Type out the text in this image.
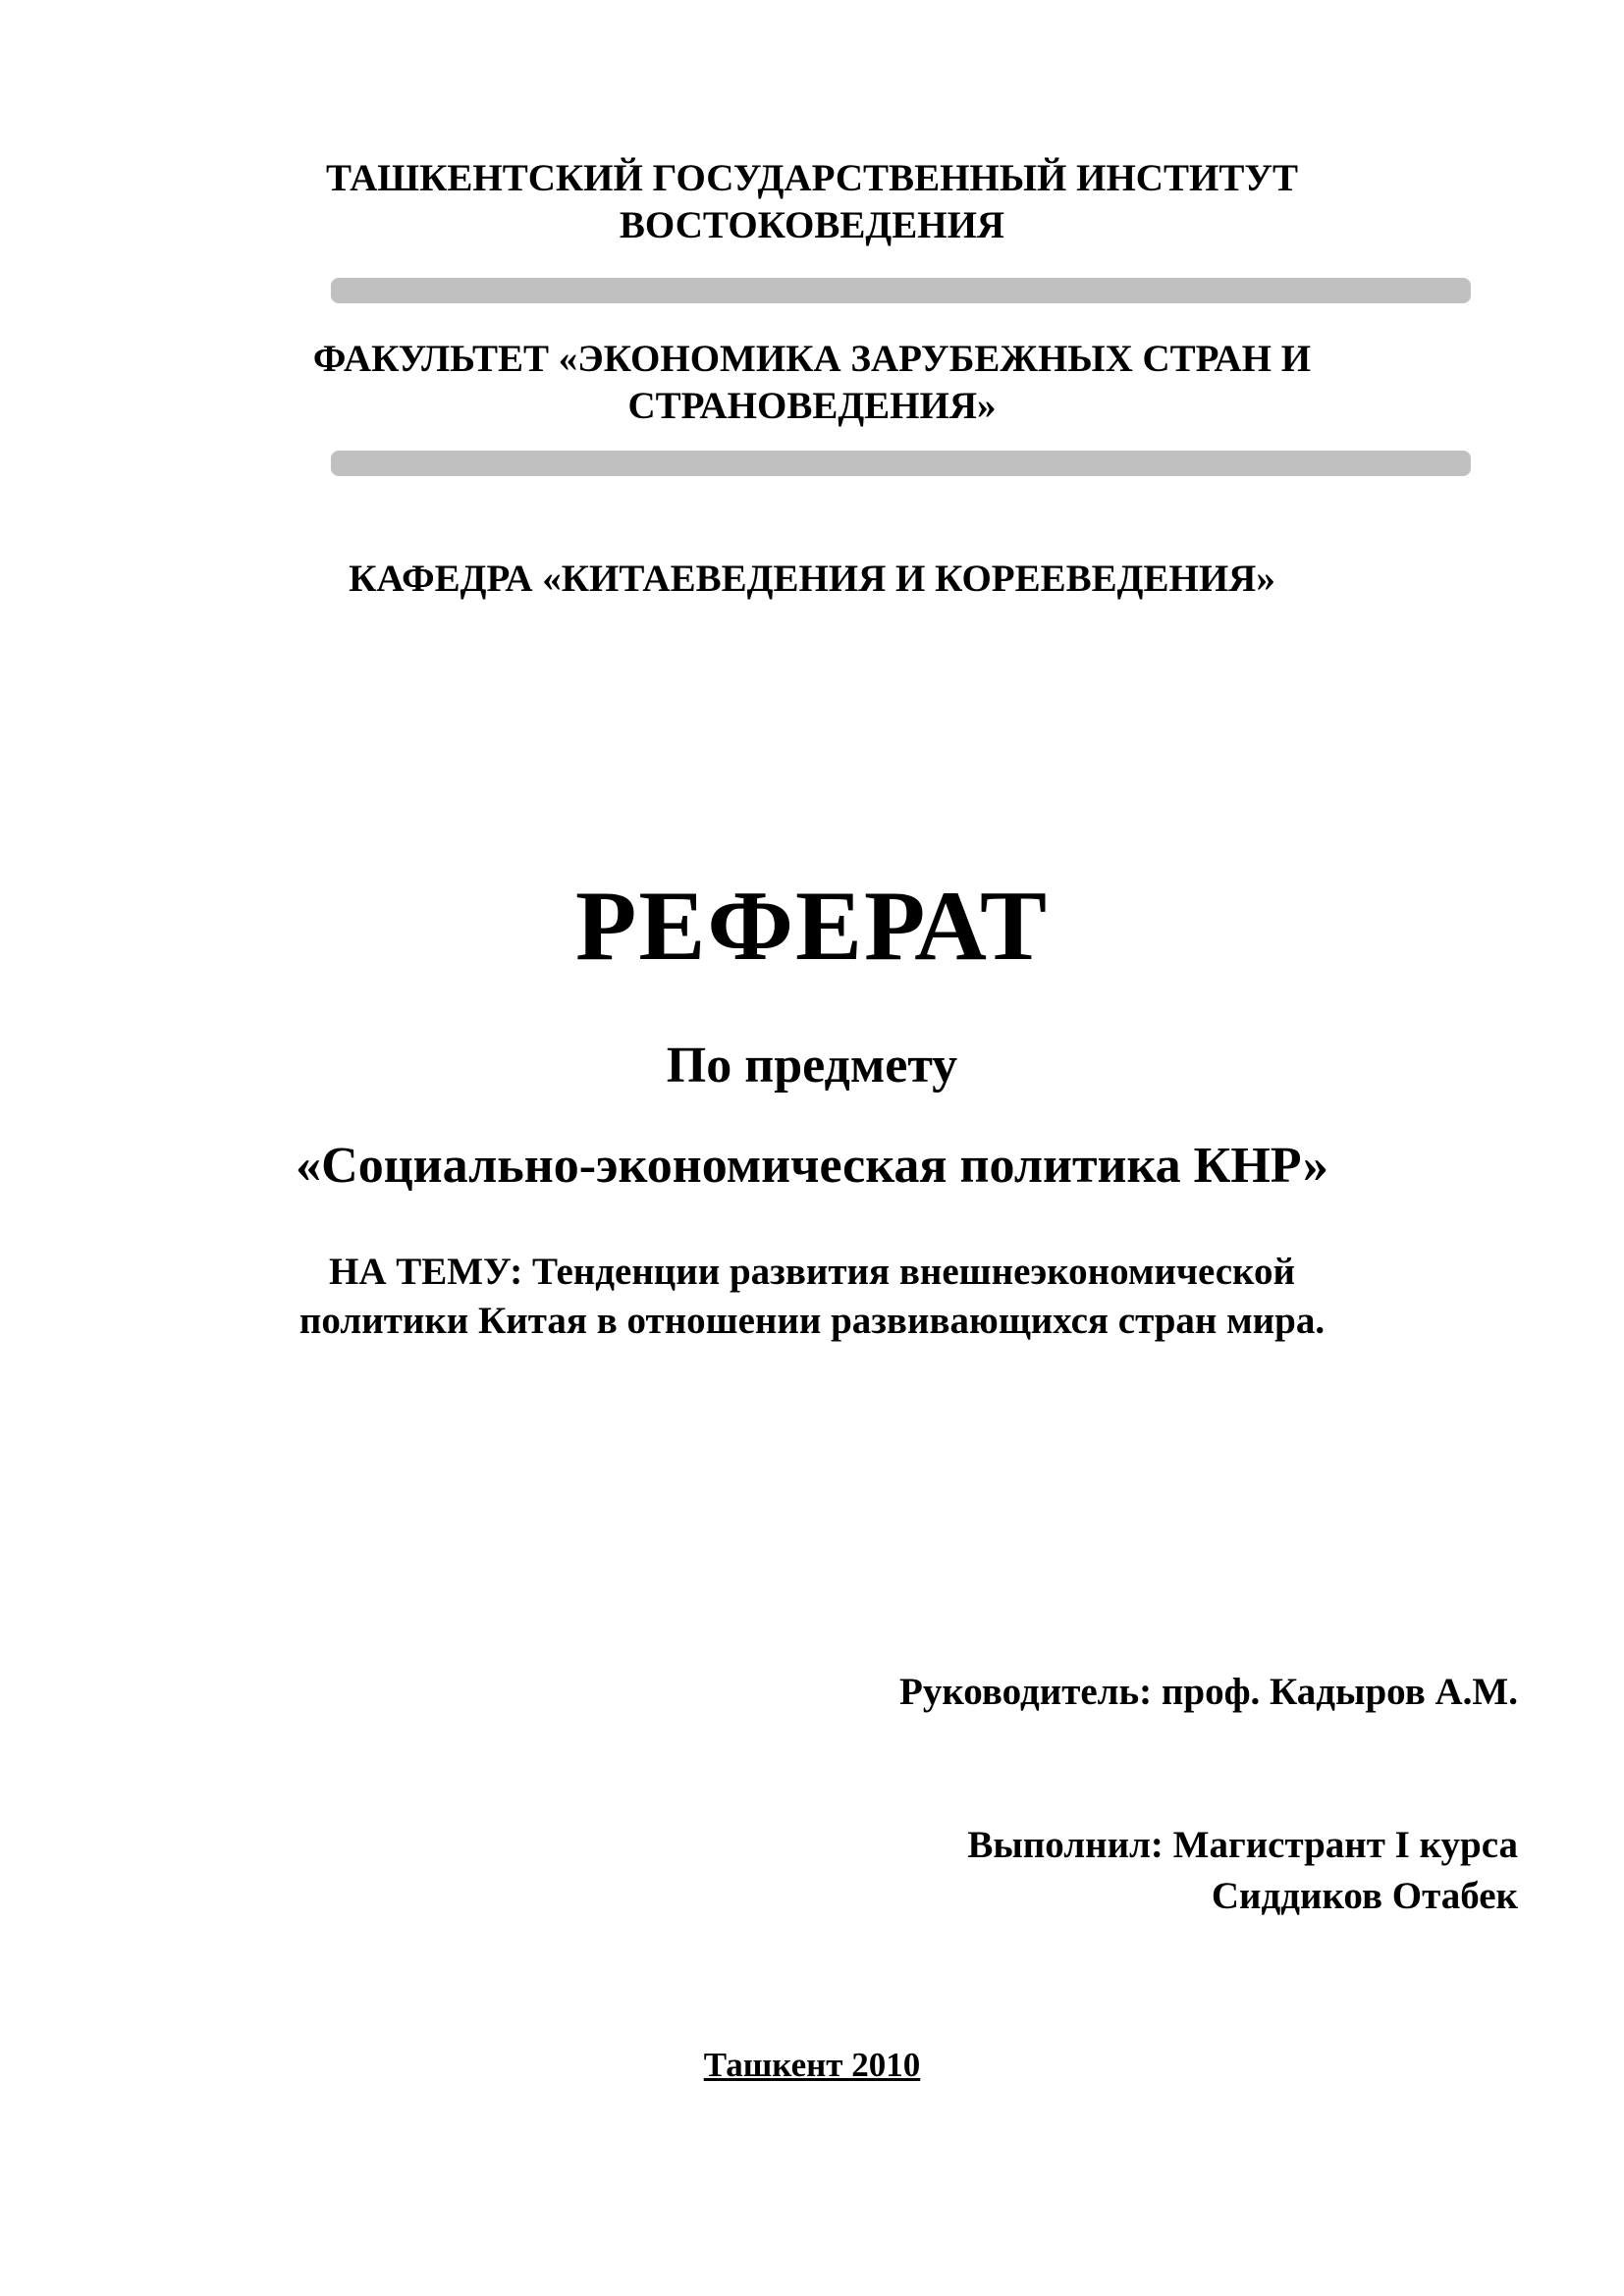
ТАШКЕНТСКИЙ ГОСУДАРСТВЕННЫЙ ИНСТИТУТ
ВОСТОКОВЕДЕНИЯ
ФАКУЛЬТЕТ «ЭКОНОМИКА ЗАРУБЕЖНЫХ СТРАН И
СТРАНОВЕДЕНИЯ»
КАФЕДРА «КИТАЕВЕДЕНИЯ И КОРЕЕВЕДЕНИЯ»
РЕФЕРАТ
По предмету
«Социально-экономическая политика КНР»
НА ТЕМУ: Тенденции развития внешнеэкономической
политики Китая в отношении развивающихся стран мира.
Руководитель: проф. Кадыров А.М.
Выполнил: Магистрант I курса
Сиддиков Отабек
Ташкент 2010
